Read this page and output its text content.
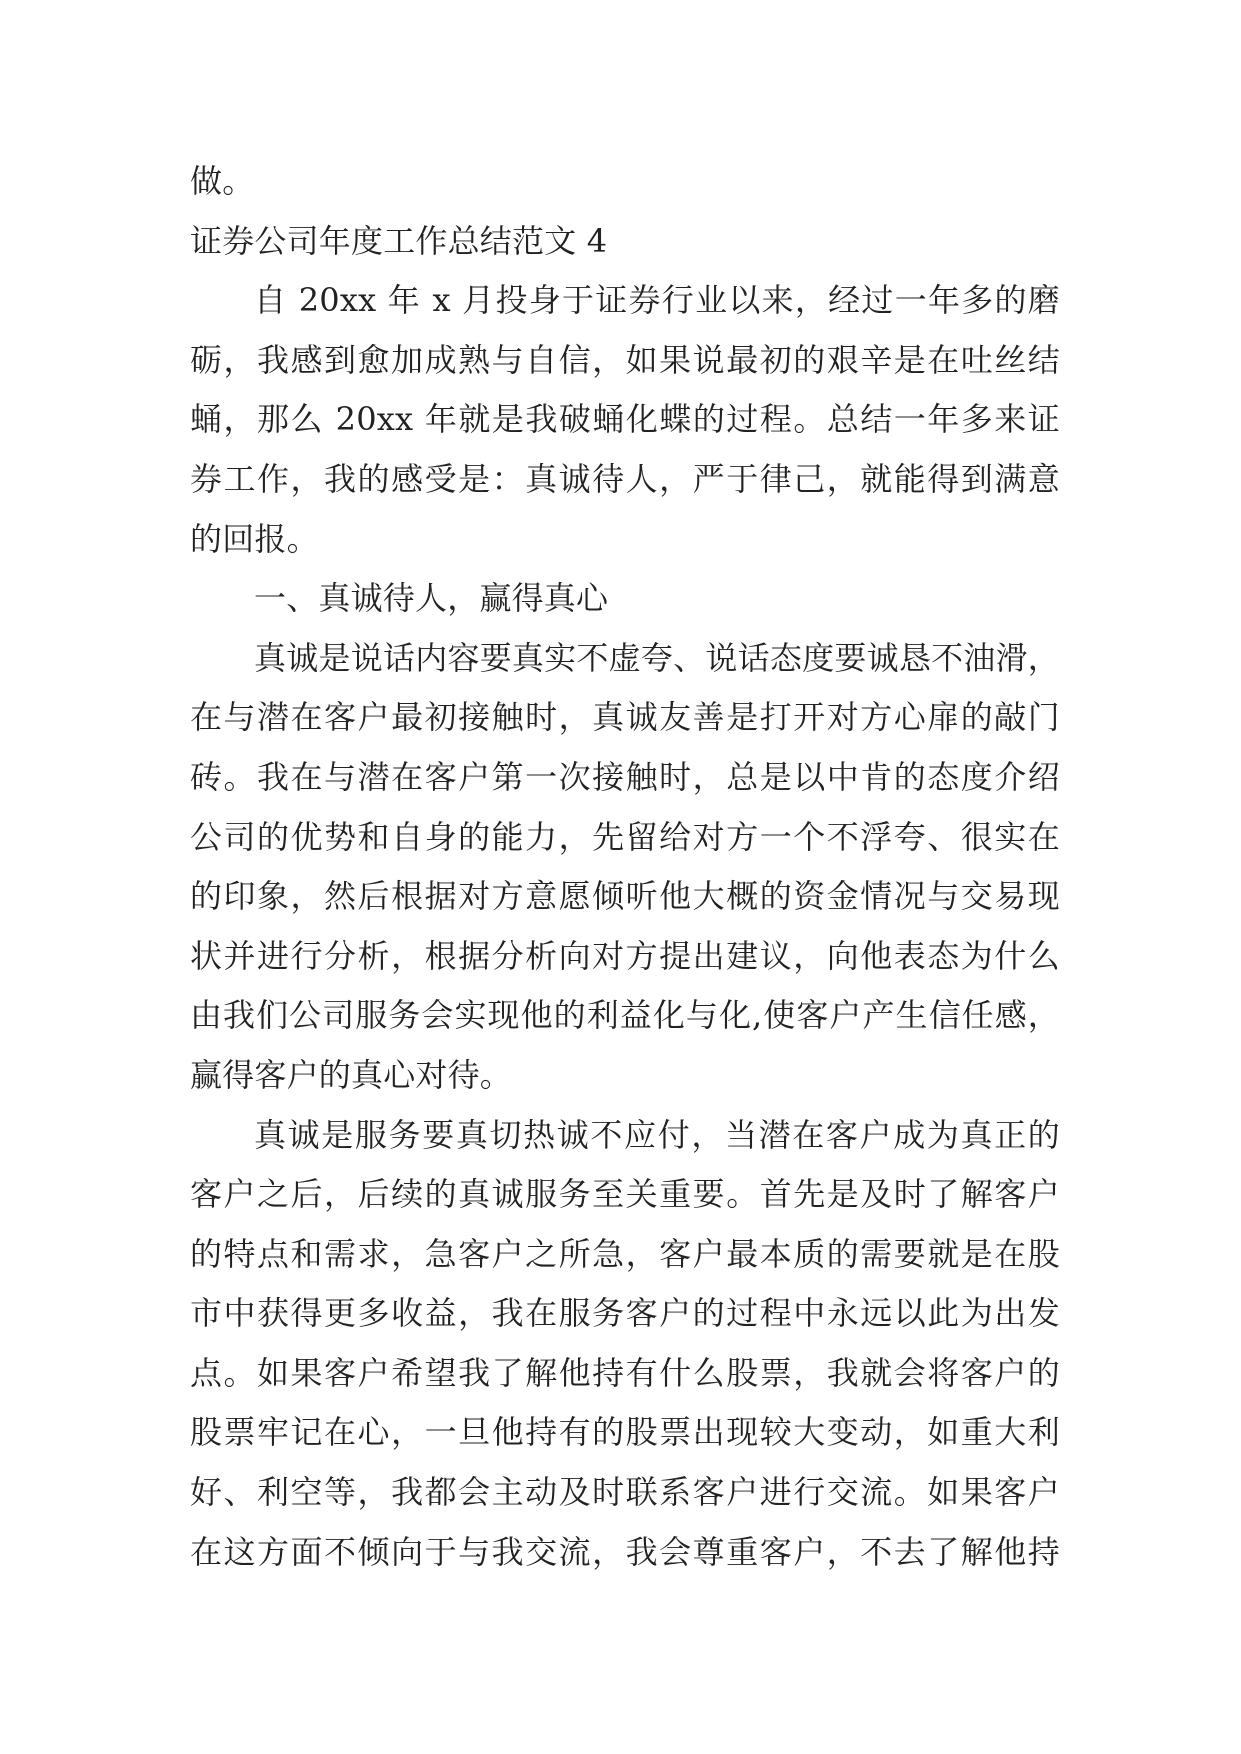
做。
证券公司年度工作总结范文 4
自 20xx 年 x 月投身于证券行业以来，经过一年多的磨
砺，我感到愈加成熟与自信，如果说最初的艰辛是在吐丝结
蛹，那么 20xx 年就是我破蛹化蝶的过程。总结一年多来证
券工作，我的感受是：真诚待人，严于律己，就能得到满意
的回报。
一、真诚待人，赢得真心
真诚是说话内容要真实不虚夸、说话态度要诚恳不油滑，
在与潜在客户最初接触时，真诚友善是打开对方心扉的敲门
砖。我在与潜在客户第一次接触时，总是以中肯的态度介绍
公司的优势和自身的能力，先留给对方一个不浮夸、很实在
的印象，然后根据对方意愿倾听他大概的资金情况与交易现
状并进行分析，根据分析向对方提出建议，向他表态为什么
由我们公司服务会实现他的利益化与化,使客户产生信任感，
赢得客户的真心对待。
真诚是服务要真切热诚不应付，当潜在客户成为真正的
客户之后，后续的真诚服务至关重要。首先是及时了解客户
的特点和需求，急客户之所急，客户最本质的需要就是在股
市中获得更多收益，我在服务客户的过程中永远以此为出发
点。如果客户希望我了解他持有什么股票，我就会将客户的
股票牢记在心，一旦他持有的股票出现较大变动，如重大利
好、利空等，我都会主动及时联系客户进行交流。如果客户
在这方面不倾向于与我交流，我会尊重客户，不去了解他持
